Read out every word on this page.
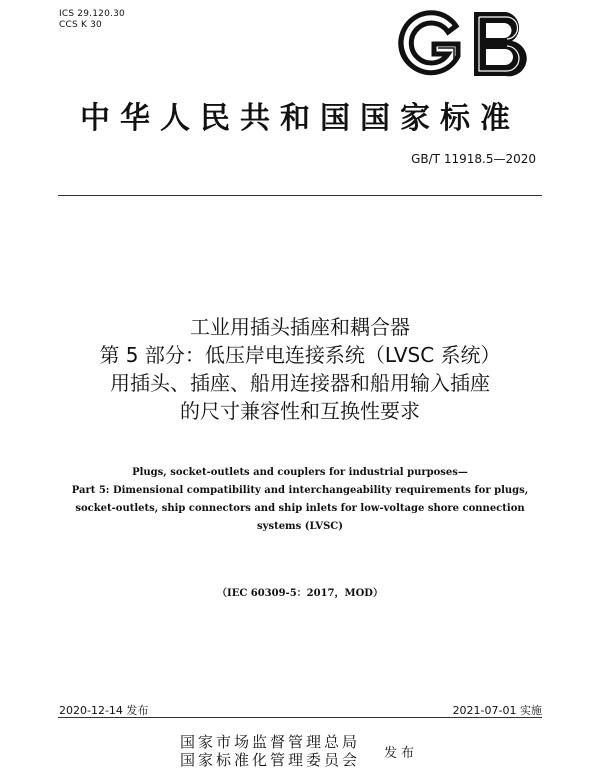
ICS 29.120.30
CCS K 30
中华人民共和国国家标准
GB/T 11918.5—2020
工业用插头插座和耦合器
第 5 部分：低压岸电连接系统（LVSC 系统）
用插头、插座、船用连接器和船用输入插座
的尺寸兼容性和互换性要求
Plugs, socket-outlets and couplers for industrial purposes—
Part 5: Dimensional compatibility and interchangeability requirements for plugs,
socket-outlets, ship connectors and ship inlets for low-voltage shore connection
systems (LVSC)
（IEC 60309-5：2017，MOD）
2020-12-14 发布	2021-07-01 实施
国家市场监督管理总局
国家标准化管理委员会 发布
